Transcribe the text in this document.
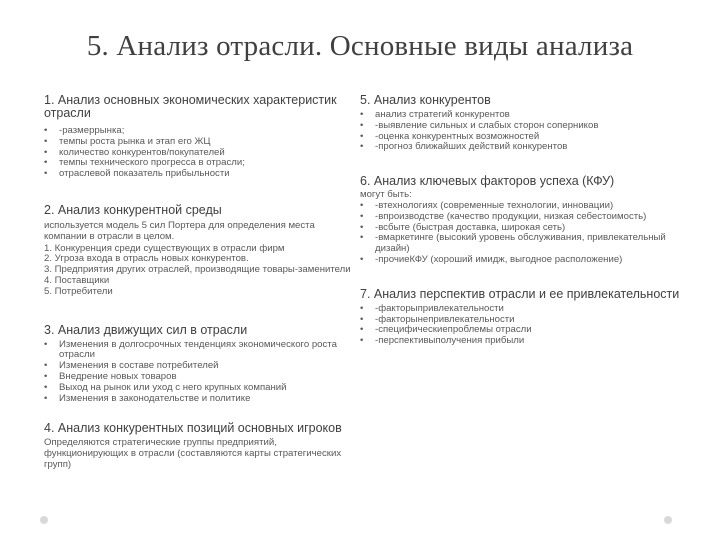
5. Анализ отрасли. Основные виды анализа

1. Анализ основных экономических характеристик отрасли

• -размеррынка;
• темпы роста рынка и этап его ЖЦ
• количество конкурентов/покупателей
• темпы технического прогресса в отрасли;
• отраслевой показатель прибыльности

2. Анализ конкурентной среды

используется модель 5 сил Портера для определения места компании в отрасли в целом.

1. Конкуренция среди существующих в отрасли фирм
2. Угроза входа в отрасль новых конкурентов.
3. Предприятия других отраслей, производящие товары-заменители
4. Поставщики
5. Потребители

3. Анализ движущих сил в отрасли

• Изменения в долгосрочных тенденциях экономического роста отрасли
• Изменения в составе потребителей
• Внедрение новых товаров
• Выход на рынок или уход с него крупных компаний
• Изменения в законодательстве и политике

4. Анализ конкурентных позиций основных игроков

Определяются стратегические группы предприятий, функционирующих в отрасли (составляются карты стратегических групп)

5. Анализ конкурентов

• анализ стратегий конкурентов
• -выявление сильных и слабых сторон соперников
• -оценка конкурентных возможностей
• -прогноз ближайших действий конкурентов

6. Анализ ключевых факторов успеха (КФУ)

могут быть:

• -втехнологиях (современные технологии, инновации)
• -впроизводстве (качество продукции, низкая себестоимость)
• -всбыте (быстрая доставка, широкая сеть)
• -вмаркетинге (высокий уровень обслуживания, привлекательный дизайн)
• -прочиеКФУ (хороший имидж, выгодное расположение)

7. Анализ перспектив отрасли и ее привлекательности

• -факторыпривлекательности
• -факторынепривлекательности
• -специфическиепроблемы отрасли
• -перспективыполучения прибыли
